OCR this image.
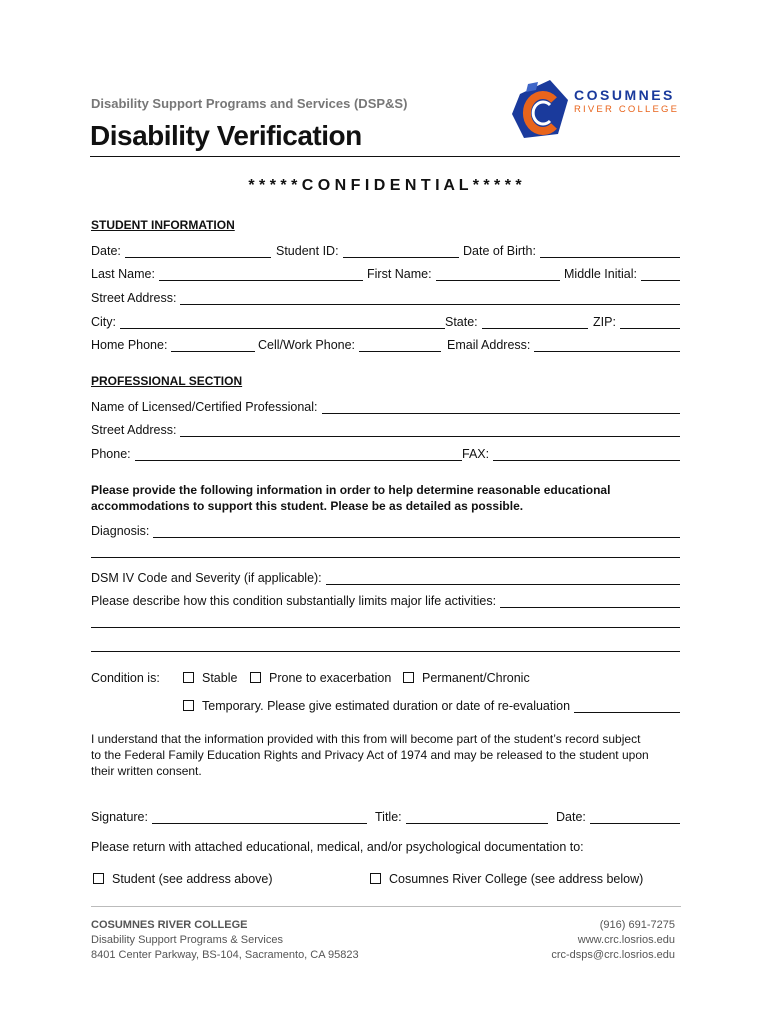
Disability Support Programs and Services (DSP&S)
Disability Verification
COSUMNES
RIVER COLLEGE
* * * * * C O N F I D E N T I A L * * * * *
STUDENT INFORMATION
Date:	Student ID:	Date of Birth:
Last Name:	First Name:	Middle Initial:
Street Address:
City:	State:	ZIP:
Home Phone:	Cell/Work Phone:	Email Address:
PROFESSIONAL SECTION
Name of Licensed/Certified Professional:
Street Address:
Phone:	FAX:
Please provide the following information in order to help determine reasonable educational
accommodations to support this student. Please be as detailed as possible.
Diagnosis:
DSM IV Code and Severity (if applicable):
Please describe how this condition substantially limits major life activities:
Condition is:	Stable	Prone to exacerbation	Permanent/Chronic
Temporary. Please give estimated duration or date of re-evaluation
I understand that the information provided with this from will become part of the student’s record subject
to the Federal Family Education Rights and Privacy Act of 1974 and may be released to the student upon
their written consent.
Signature:	Title:	Date:
Please return with attached educational, medical, and/or psychological documentation to:
Student (see address above)	Cosumnes River College (see address below)
COSUMNES RIVER COLLEGE
Disability Support Programs & Services
8401 Center Parkway, BS-104, Sacramento, CA 95823
(916) 691-7275
www.crc.losrios.edu
crc-dsps@crc.losrios.edu
